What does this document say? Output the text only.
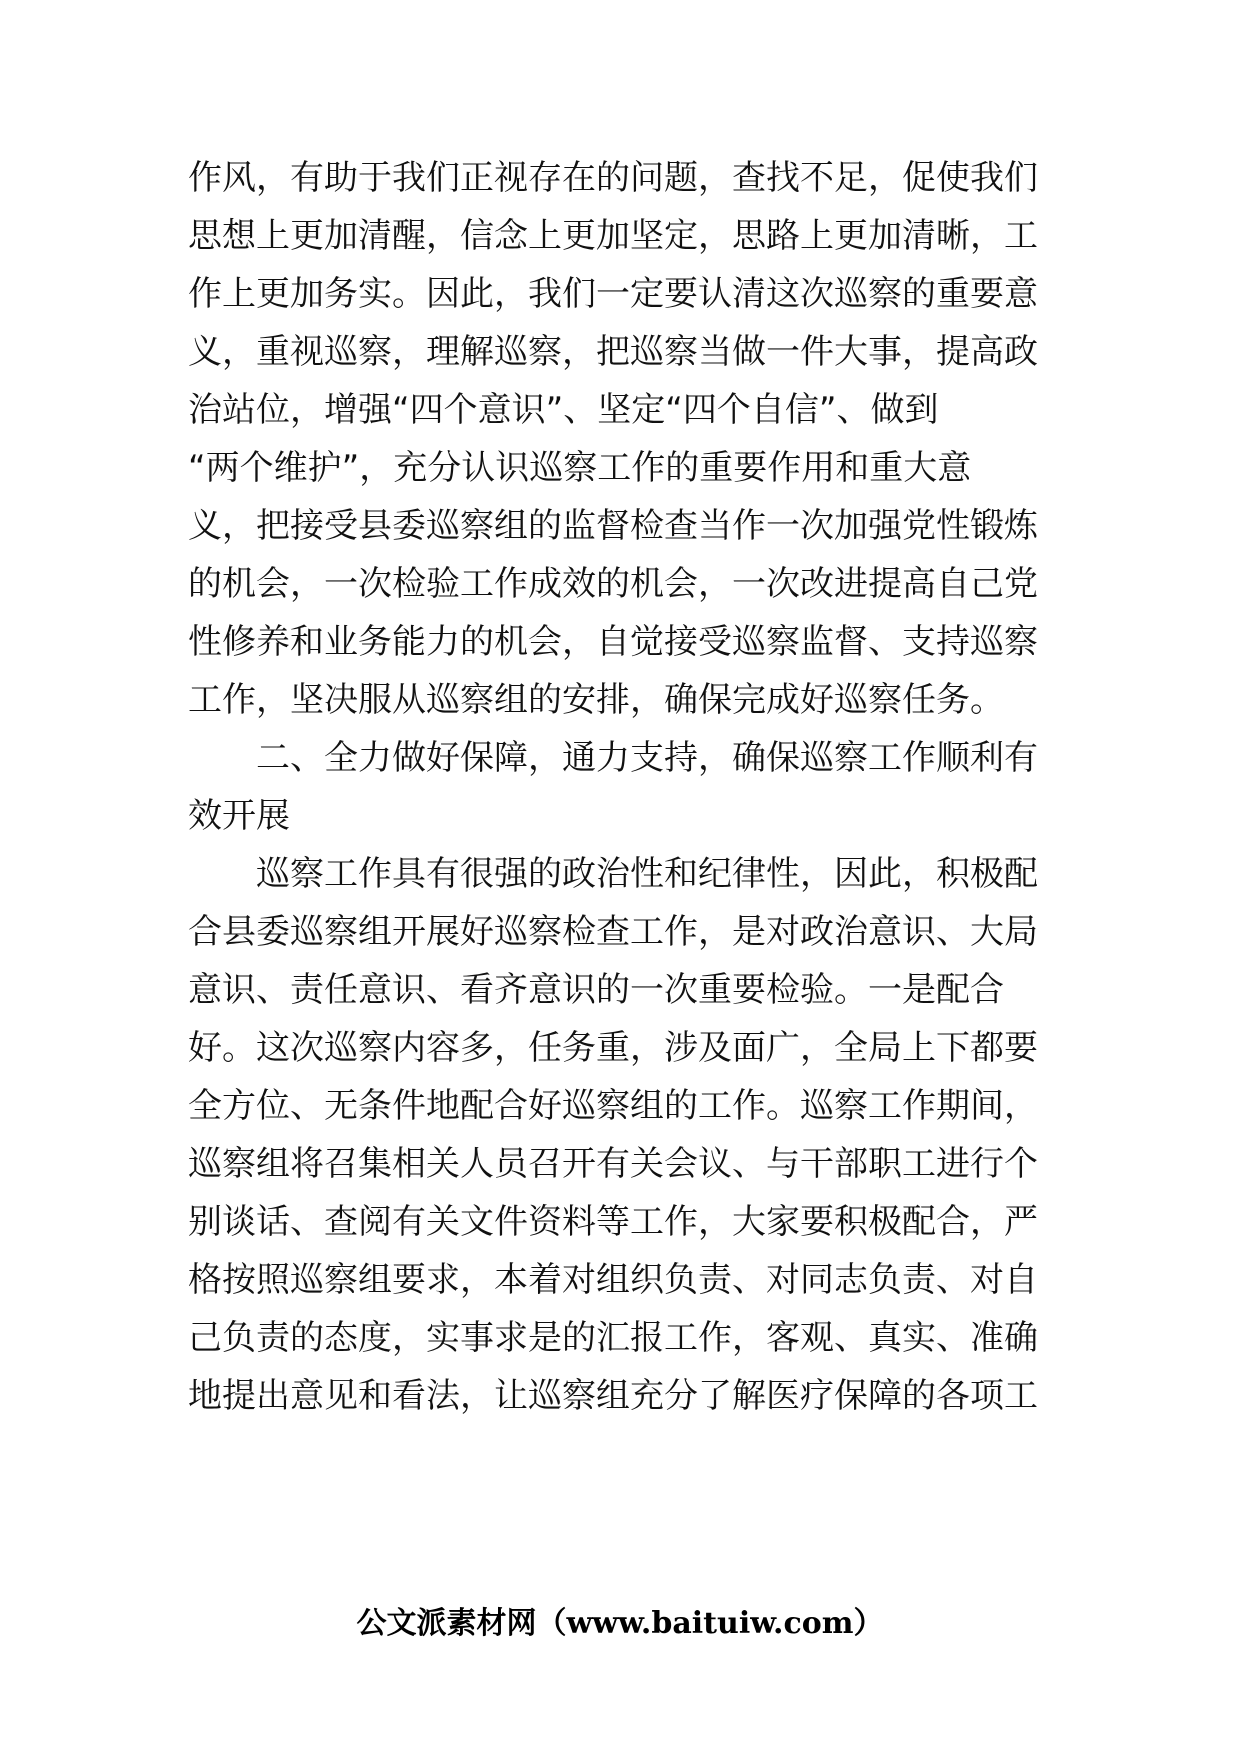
作风，有助于我们正视存在的问题，查找不足，促使我们
思想上更加清醒，信念上更加坚定，思路上更加清晰，工
作上更加务实。因此，我们一定要认清这次巡察的重要意
义，重视巡察，理解巡察，把巡察当做一件大事，提高政
治站位，增强“四个意识”、坚定“四个自信”、做到
“两个维护”，充分认识巡察工作的重要作用和重大意
义，把接受县委巡察组的监督检查当作一次加强党性锻炼
的机会，一次检验工作成效的机会，一次改进提高自己党
性修养和业务能力的机会，自觉接受巡察监督、支持巡察
工作，坚决服从巡察组的安排，确保完成好巡察任务。
　　二、全力做好保障，通力支持，确保巡察工作顺利有
效开展
　　巡察工作具有很强的政治性和纪律性，因此，积极配
合县委巡察组开展好巡察检查工作，是对政治意识、大局
意识、责任意识、看齐意识的一次重要检验。一是配合
好。这次巡察内容多，任务重，涉及面广，全局上下都要
全方位、无条件地配合好巡察组的工作。巡察工作期间，
巡察组将召集相关人员召开有关会议、与干部职工进行个
别谈话、查阅有关文件资料等工作，大家要积极配合，严
格按照巡察组要求，本着对组织负责、对同志负责、对自
己负责的态度，实事求是的汇报工作，客观、真实、准确
地提出意见和看法，让巡察组充分了解医疗保障的各项工
公文派素材网（www.baituiw.com）
